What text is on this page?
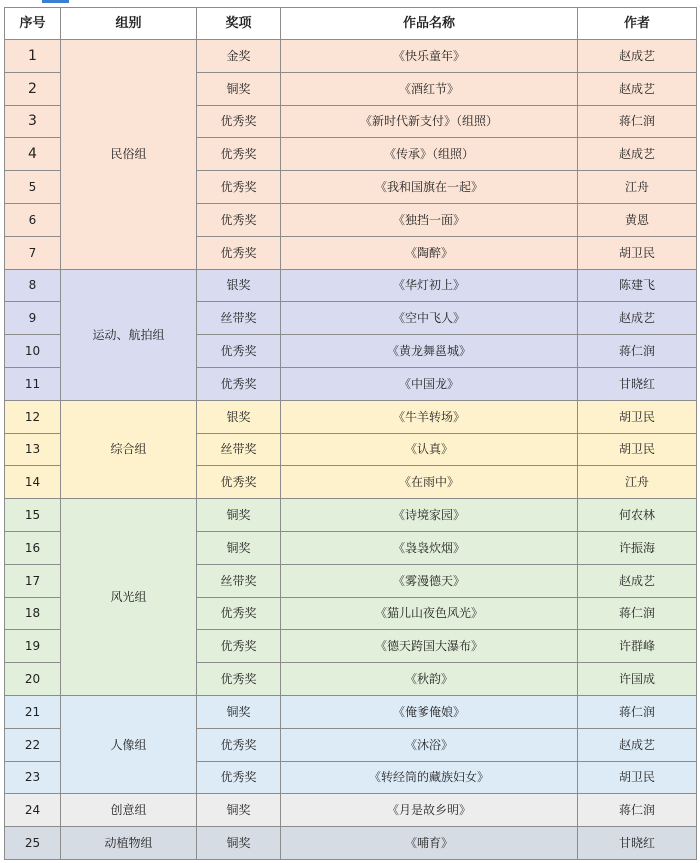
序号	组别	奖项	作品名称	作者
1	民俗组	金奖	《快乐童年》	赵成艺
2		铜奖	《酒红节》	赵成艺
3		优秀奖	《新时代新支付》（组照）	蒋仁润
4		优秀奖	《传承》（组照）	赵成艺
5		优秀奖	《我和国旗在一起》	江舟
6		优秀奖	《独挡一面》	黄恩
7		优秀奖	《陶醉》	胡卫民
8	运动、航拍组	银奖	《华灯初上》	陈建飞
9		丝带奖	《空中飞人》	赵成艺
10		优秀奖	《黄龙舞邕城》	蒋仁润
11		优秀奖	《中国龙》	甘晓红
12	综合组	银奖	《牛羊转场》	胡卫民
13		丝带奖	《认真》	胡卫民
14		优秀奖	《在雨中》	江舟
15	风光组	铜奖	《诗境家园》	何农林
16		铜奖	《袅袅炊烟》	许振海
17		丝带奖	《雾漫德天》	赵成艺
18		优秀奖	《猫儿山夜色风光》	蒋仁润
19		优秀奖	《德天跨国大瀑布》	许群峰
20		优秀奖	《秋韵》	许国成
21	人像组	铜奖	《俺爹俺娘》	蒋仁润
22		优秀奖	《沐浴》	赵成艺
23		优秀奖	《转经筒的藏族妇女》	胡卫民
24	创意组	铜奖	《月是故乡明》	蒋仁润
25	动植物组	铜奖	《哺育》	甘晓红
